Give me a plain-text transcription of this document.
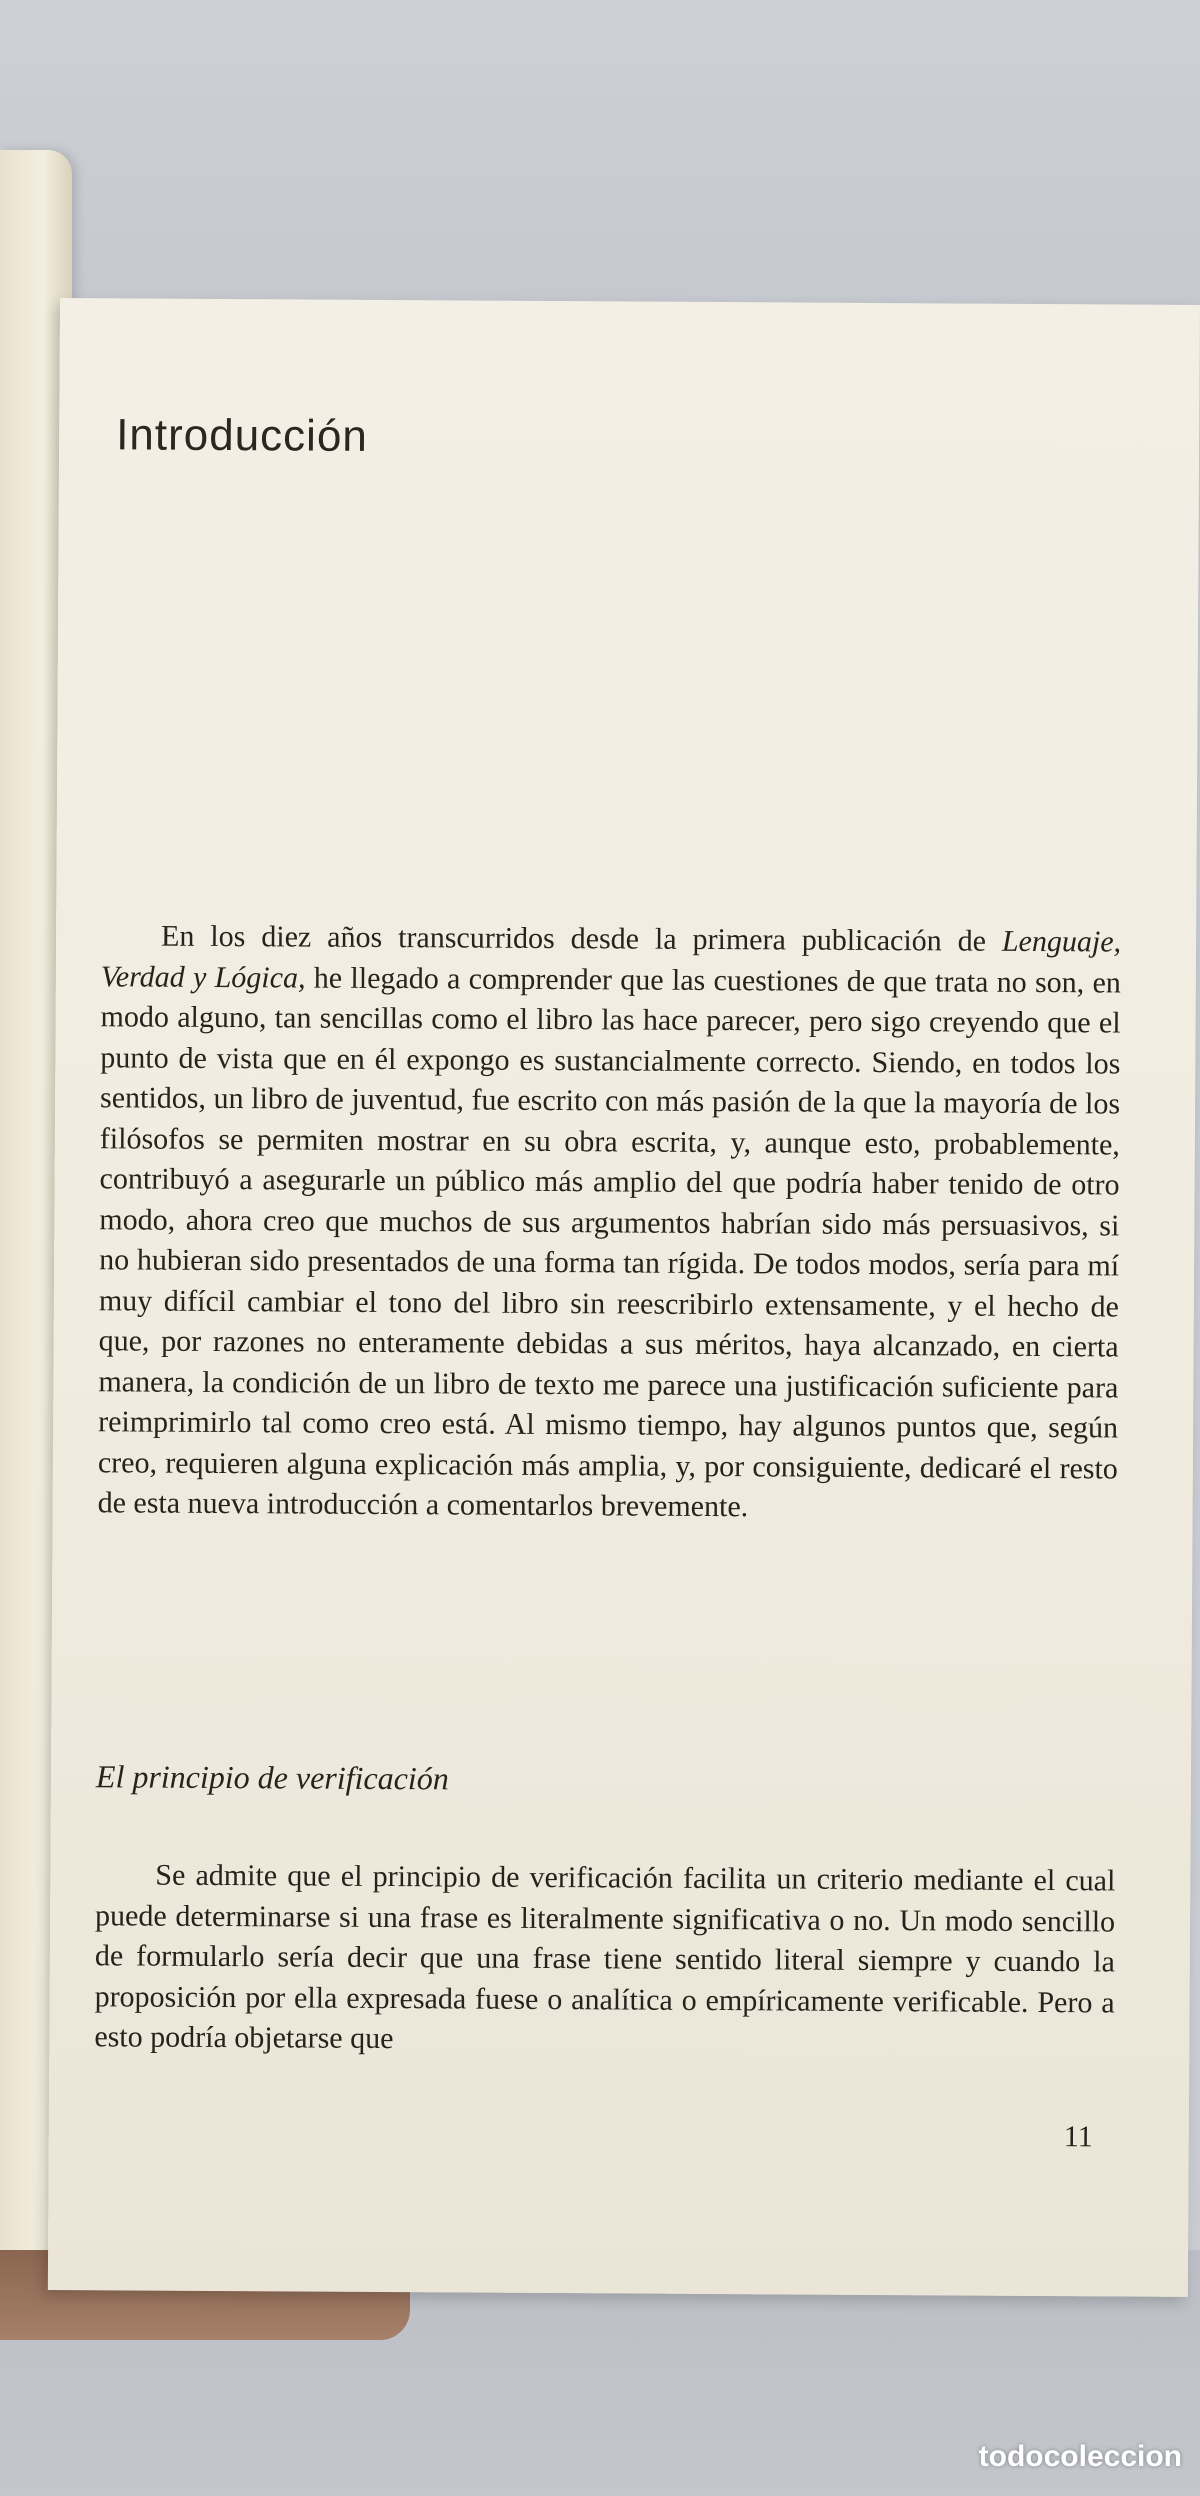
Introducción

En los diez años transcurridos desde la primera publicación de Lenguaje, Verdad y Lógica, he llegado a comprender que las cuestiones de que trata no son, en modo alguno, tan sencillas como el libro las hace parecer, pero sigo creyendo que el punto de vista que en él expongo es sustancialmente correcto. Siendo, en todos los sentidos, un libro de juventud, fue escrito con más pasión de la que la mayoría de los filósofos se permiten mostrar en su obra escrita, y, aunque esto, probablemente, contribuyó a asegurarle un público más amplio del que podría haber tenido de otro modo, ahora creo que muchos de sus argumentos habrían sido más persuasivos, si no hubieran sido presentados de una forma tan rígida. De todos modos, sería para mí muy difícil cambiar el tono del libro sin reescribirlo extensamente, y el hecho de que, por razones no enteramente debidas a sus méritos, haya alcanzado, en cierta manera, la condición de un libro de texto me parece una justificación suficiente para reimprimirlo tal como creo está. Al mismo tiempo, hay algunos puntos que, según creo, requieren alguna explicación más amplia, y, por consiguiente, dedicaré el resto de esta nueva introducción a comentarlos brevemente.

El principio de verificación

Se admite que el principio de verificación facilita un criterio mediante el cual puede determinarse si una frase es literalmente significativa o no. Un modo sencillo de formularlo sería decir que una frase tiene sentido literal siempre y cuando la proposición por ella expresada fuese o analítica o empíricamente verificable. Pero a esto podría objetarse que

11
todocoleccion
